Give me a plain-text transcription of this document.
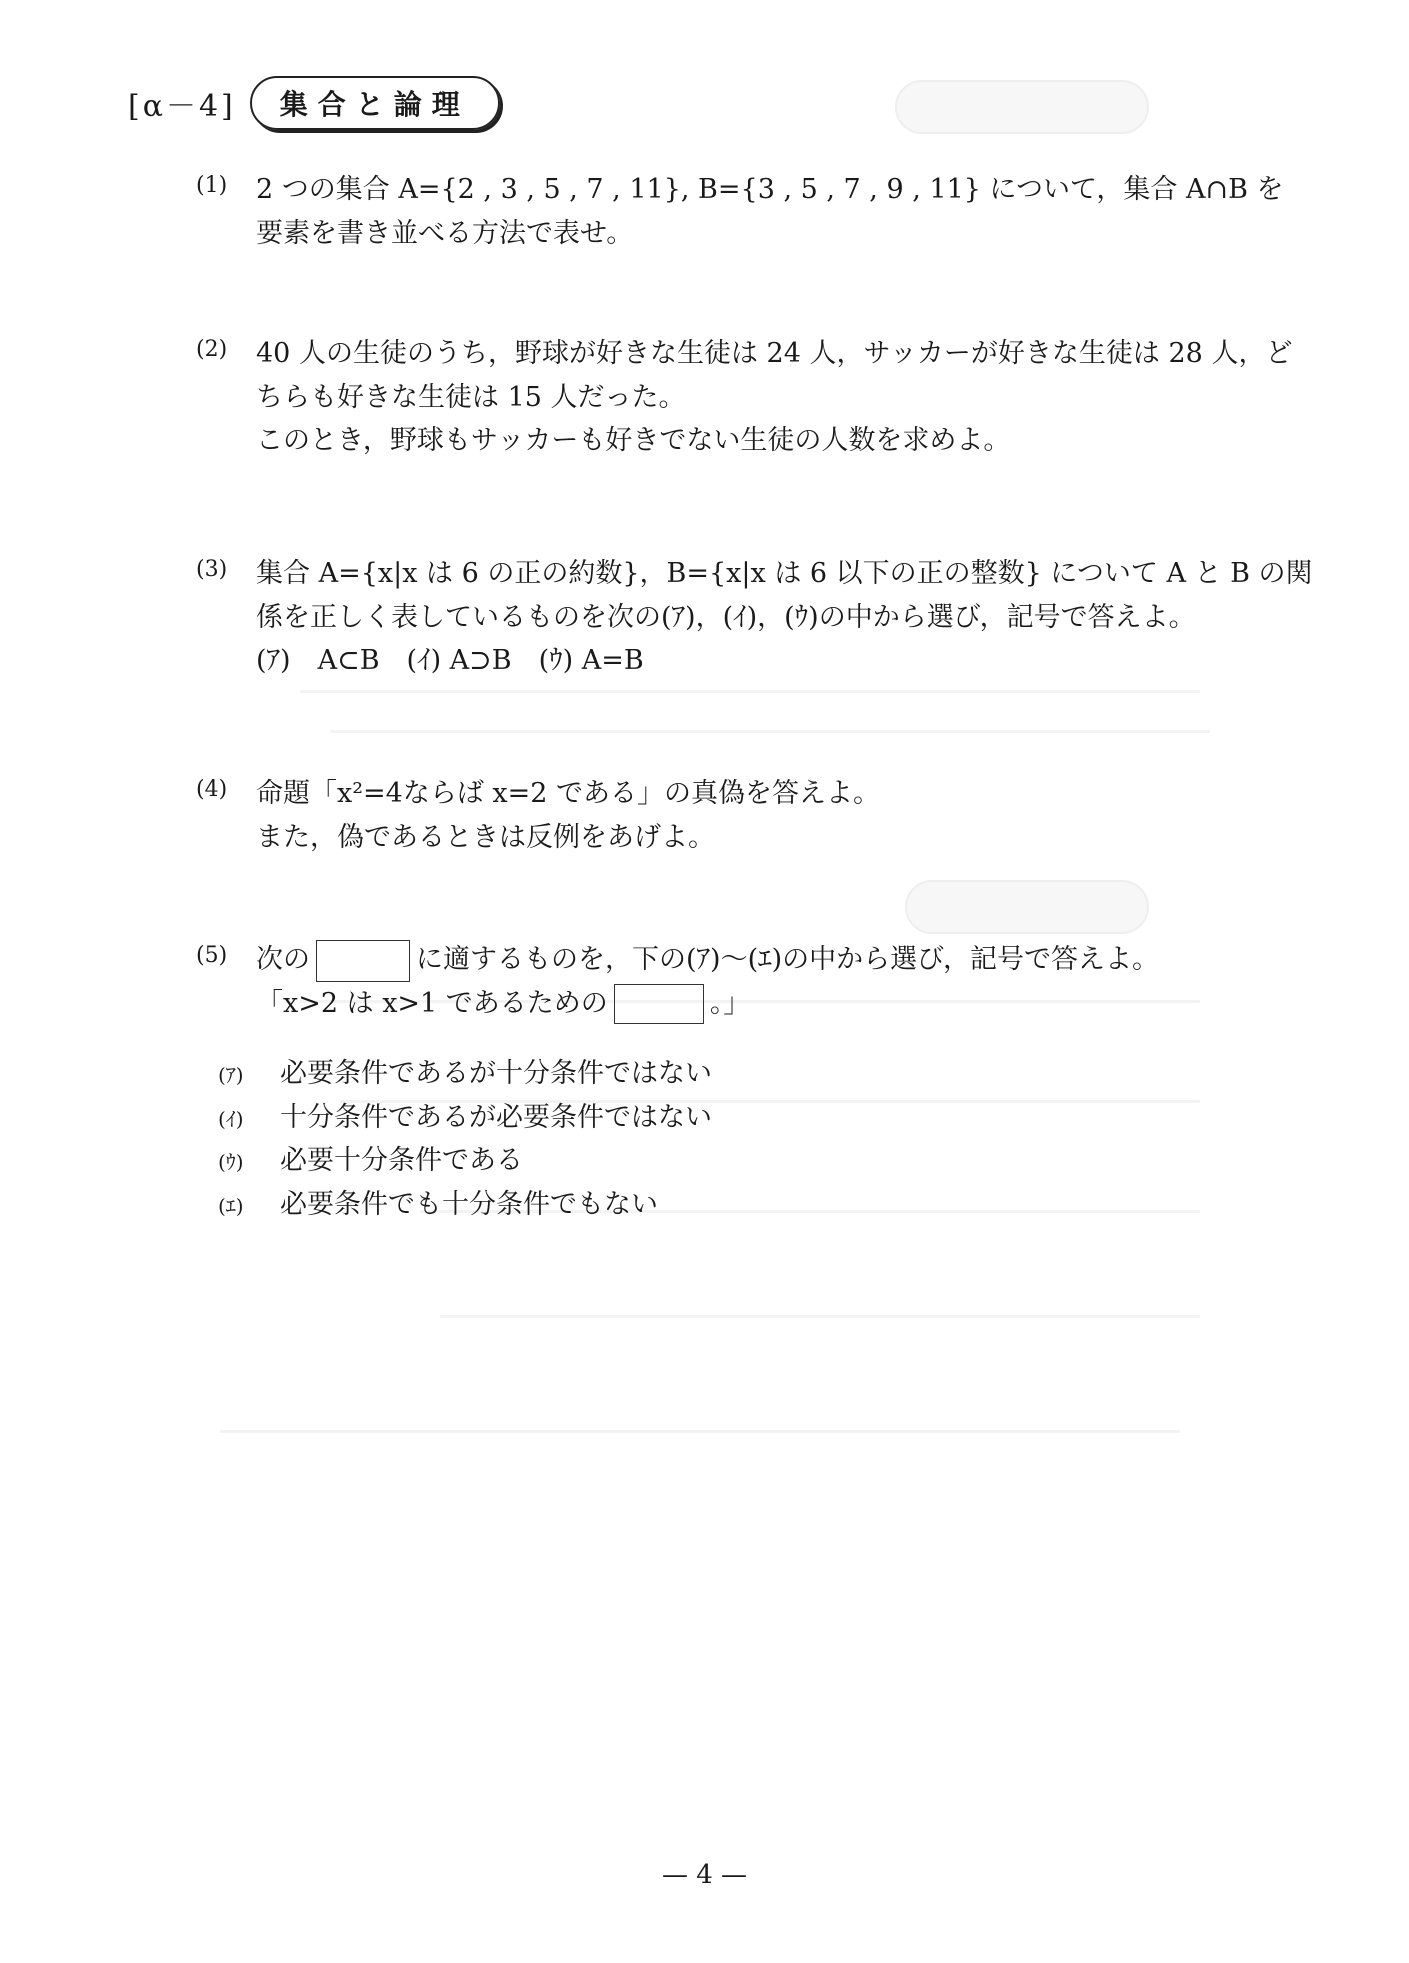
[α－4]	集合と論理
(1)	2 つの集合 A={2 , 3 , 5 , 7 , 11}, B={3 , 5 , 7 , 9 , 11} について，集合 A∩B を
要素を書き並べる方法で表せ。
(2)	40 人の生徒のうち，野球が好きな生徒は 24 人，サッカーが好きな生徒は 28 人，ど
ちらも好きな生徒は 15 人だった。
このとき，野球もサッカーも好きでない生徒の人数を求めよ。
(3)	集合 A={x|x は 6 の正の約数}，B={x|x は 6 以下の正の整数} について A と B の関
係を正しく表しているものを次の(ｱ)，(ｲ)，(ｳ)の中から選び，記号で答えよ。
(ｱ)　A⊂B　(ｲ) A⊃B　(ｳ) A=B
(4)	命題「x²=4ならば x=2 である」の真偽を答えよ。
また，偽であるときは反例をあげよ。
(5)	次の	に適するものを，下の(ｱ)～(ｴ)の中から選び，記号で答えよ。
「x>2 は x>1 であるための	。」
(ｱ)	必要条件であるが十分条件ではない
(ｲ)	十分条件であるが必要条件ではない
(ｳ)	必要十分条件である
(ｴ)	必要条件でも十分条件でもない
— 4 —
